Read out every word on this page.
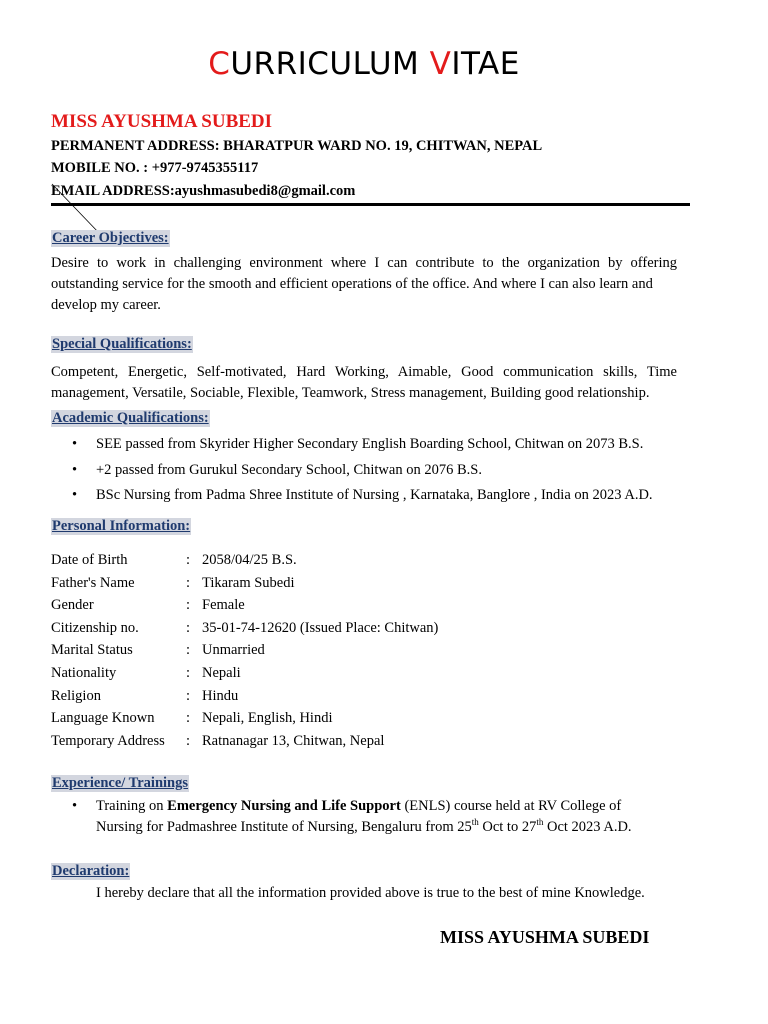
CURRICULUM VITAE
MISS AYUSHMA SUBEDI
PERMANENT ADDRESS: BHARATPUR WARD NO. 19, CHITWAN, NEPAL
MOBILE NO. : +977-9745355117
EMAIL ADDRESS:ayushmasubedi8@gmail.com
Career Objectives:
Desire to work in challenging environment where I can contribute to the organization by offering outstanding service for the smooth and efficient operations of the office. And where I can also learn and
develop my career.
Special Qualifications:
Competent, Energetic, Self-motivated, Hard Working, Aimable, Good communication skills, Time management, Versatile, Sociable, Flexible, Teamwork, Stress management, Building good relationship.
Academic Qualifications:
• SEE passed from Skyrider Higher Secondary English Boarding School, Chitwan on 2073 B.S.
• +2 passed from Gurukul Secondary School, Chitwan on 2076 B.S.
• BSc Nursing from Padma Shree Institute of Nursing , Karnataka, Banglore , India on 2023 A.D.
Personal Information:
Date of Birth	: 2058/04/25 B.S.
Father's Name	: Tikaram Subedi
Gender	: Female
Citizenship no.	: 35-01-74-12620 (Issued Place: Chitwan)
Marital Status	: Unmarried
Nationality	: Nepali
Religion	: Hindu
Language Known	: Nepali, English, Hindi
Temporary Address	: Ratnanagar 13, Chitwan, Nepal
Experience/ Trainings
• Training on Emergency Nursing and Life Support (ENLS) course held at RV College of
Nursing for Padmashree Institute of Nursing, Bengaluru from 25th Oct to 27th Oct 2023 A.D.
Declaration:
I hereby declare that all the information provided above is true to the best of mine Knowledge.
MISS AYUSHMA SUBEDI
